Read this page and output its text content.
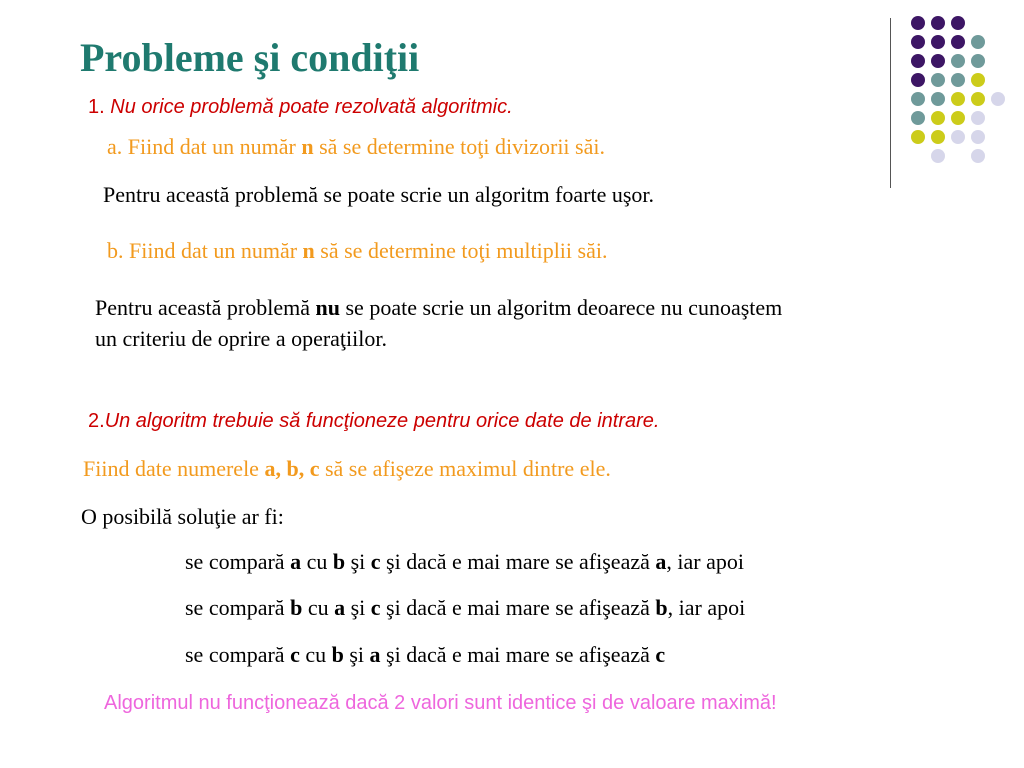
Probleme şi condiţii
1. Nu orice problemă poate rezolvată algoritmic.
a. Fiind dat un număr n să se determine toţi divizorii săi.
Pentru această problemă se poate scrie un algoritm foarte uşor.
b. Fiind dat un număr n să se determine toţi multiplii săi.
Pentru această problemă nu se poate scrie un algoritm deoarece nu cunoaştem
un criteriu de oprire a operaţiilor.
2.Un algoritm trebuie să funcţioneze pentru orice date de intrare.
Fiind date numerele a, b, c să se afişeze maximul dintre ele.
O posibilă soluţie ar fi:
se compară a cu b şi c şi dacă e mai mare se afişează a, iar apoi
se compară b cu a şi c şi dacă e mai mare se afişează b, iar apoi
se compară c cu b şi a şi dacă e mai mare se afişează c
Algoritmul nu funcţionează dacă 2 valori sunt identice şi de valoare maximă!
